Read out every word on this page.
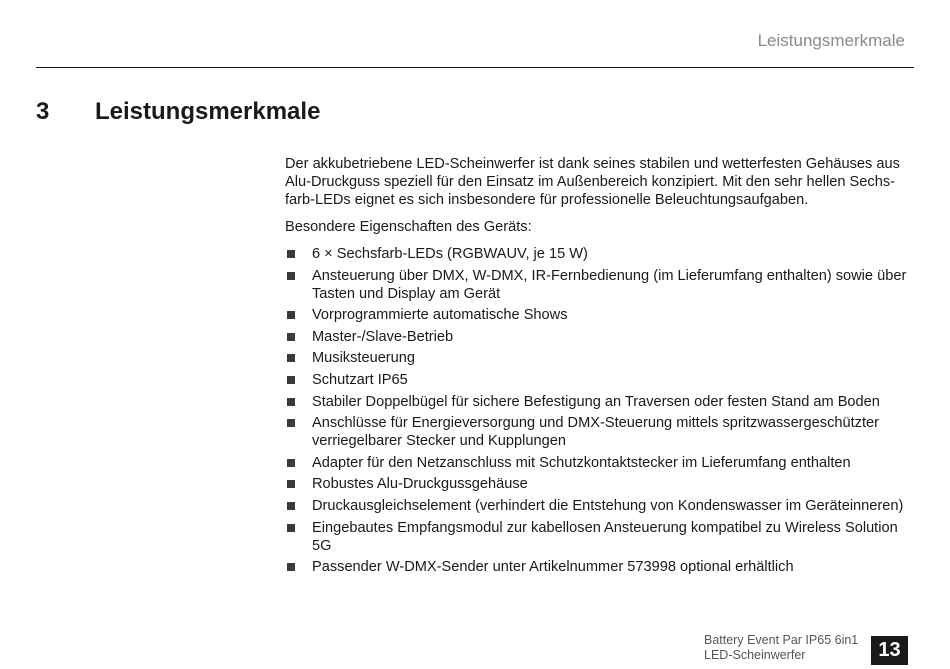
Leistungsmerkmale
3 Leistungsmerkmale

Der akkubetriebene LED-Scheinwerfer ist dank seines stabilen und wetterfesten Gehäuses aus Alu-Druckguss speziell für den Einsatz im Außenbereich konzipiert. Mit den sehr hellen Sechsfarb-LEDs eignet es sich insbesondere für professionelle Beleuchtungsaufgaben.

Besondere Eigenschaften des Geräts:

6 × Sechsfarb-LEDs (RGBWAUV, je 15 W)
Ansteuerung über DMX, W-DMX, IR-Fernbedienung (im Lieferumfang enthalten) sowie über Tasten und Display am Gerät
Vorprogrammierte automatische Shows
Master-/Slave-Betrieb
Musiksteuerung
Schutzart IP65
Stabiler Doppelbügel für sichere Befestigung an Traversen oder festen Stand am Boden
Anschlüsse für Energieversorgung und DMX-Steuerung mittels spritzwassergeschützter verriegelbarer Stecker und Kupplungen
Adapter für den Netzanschluss mit Schutzkontaktstecker im Lieferumfang enthalten
Robustes Alu-Druckgussgehäuse
Druckausgleichselement (verhindert die Entstehung von Kondenswasser im Geräteinneren)
Eingebautes Empfangsmodul zur kabellosen Ansteuerung kompatibel zu Wireless Solution 5G
Passender W-DMX-Sender unter Artikelnummer 573998 optional erhältlich
Battery Event Par IP65 6in1
LED-Scheinwerfer	13
